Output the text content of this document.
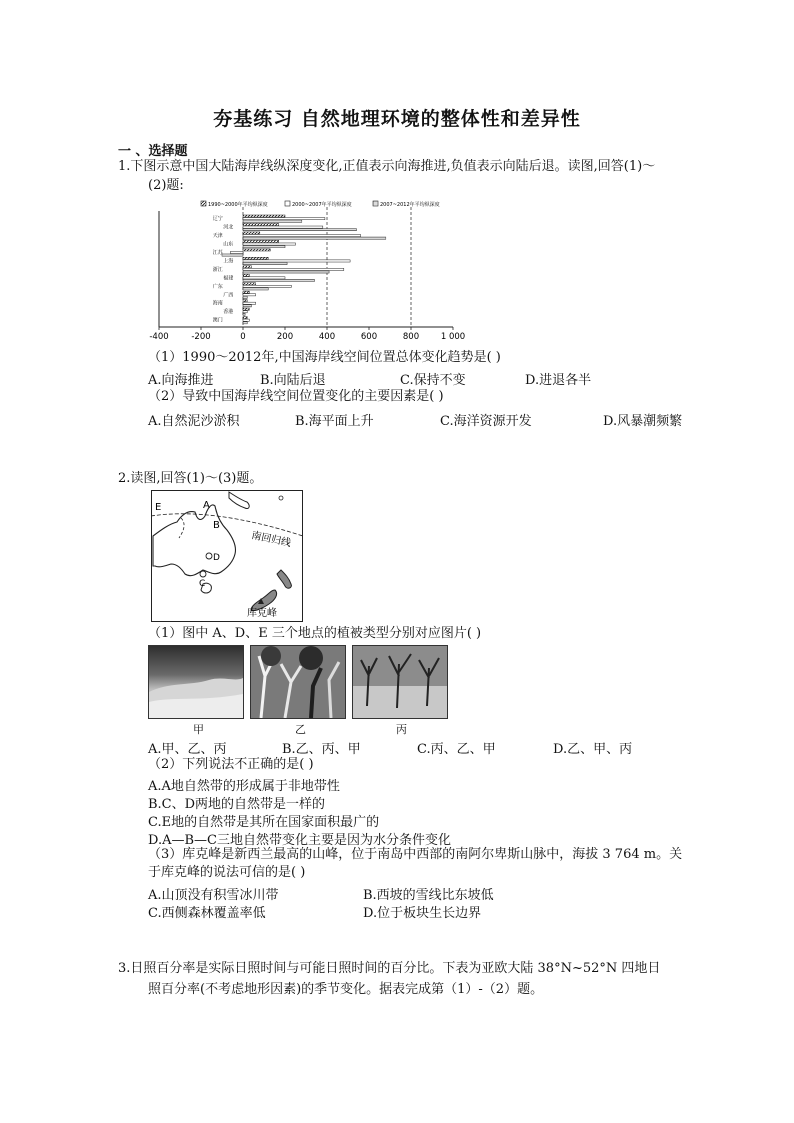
夯基练习 自然地理环境的整体性和差异性
一 、选择题
1.下图示意中国大陆海岸线纵深度变化,正值表示向海推进,负值表示向陆后退。读图,回答(1)～
(2)题:
1990~2000年平均纵深度	2000~2007年平均纵深度	2007~2012年平均纵深度
辽宁
河北
天津
山东
江苏
上海
浙江
福建
广东
广西
海南
香港
澳门
-400	-200	0	200	400	600	800	1 000
（1）1990～2012年,中国海岸线空间位置总体变化趋势是( )
A.向海推进	B.向陆后退	C.保持不变	D.进退各半
（2）导致中国海岸线空间位置变化的主要因素是( )
A.自然泥沙淤积	B.海平面上升	C.海洋资源开发	D.风暴潮频繁
2.读图,回答(1)～(3)题。
E	A
B
C
D
南回归线
库克峰
（1）图中 A、D、E 三个地点的植被类型分别对应图片( )
甲	乙	丙
A.甲、乙、丙	B.乙、丙、甲	C.丙、乙、甲	D.乙、甲、丙
（2）下列说法不正确的是( )
A.A地自然带的形成属于非地带性
B.C、D两地的自然带是一样的
C.E地的自然带是其所在国家面积最广的
D.A—B—C三地自然带变化主要是因为水分条件变化
（3）库克峰是新西兰最高的山峰，位于南岛中西部的南阿尔卑斯山脉中，海拔 3 764 m。关
于库克峰的说法可信的是( )
A.山顶没有积雪冰川带	B.西坡的雪线比东坡低
C.西侧森林覆盖率低	D.位于板块生长边界
3.日照百分率是实际日照时间与可能日照时间的百分比。下表为亚欧大陆 38°N~52°N 四地日
照百分率(不考虑地形因素)的季节变化。据表完成第（1）-（2）题。
